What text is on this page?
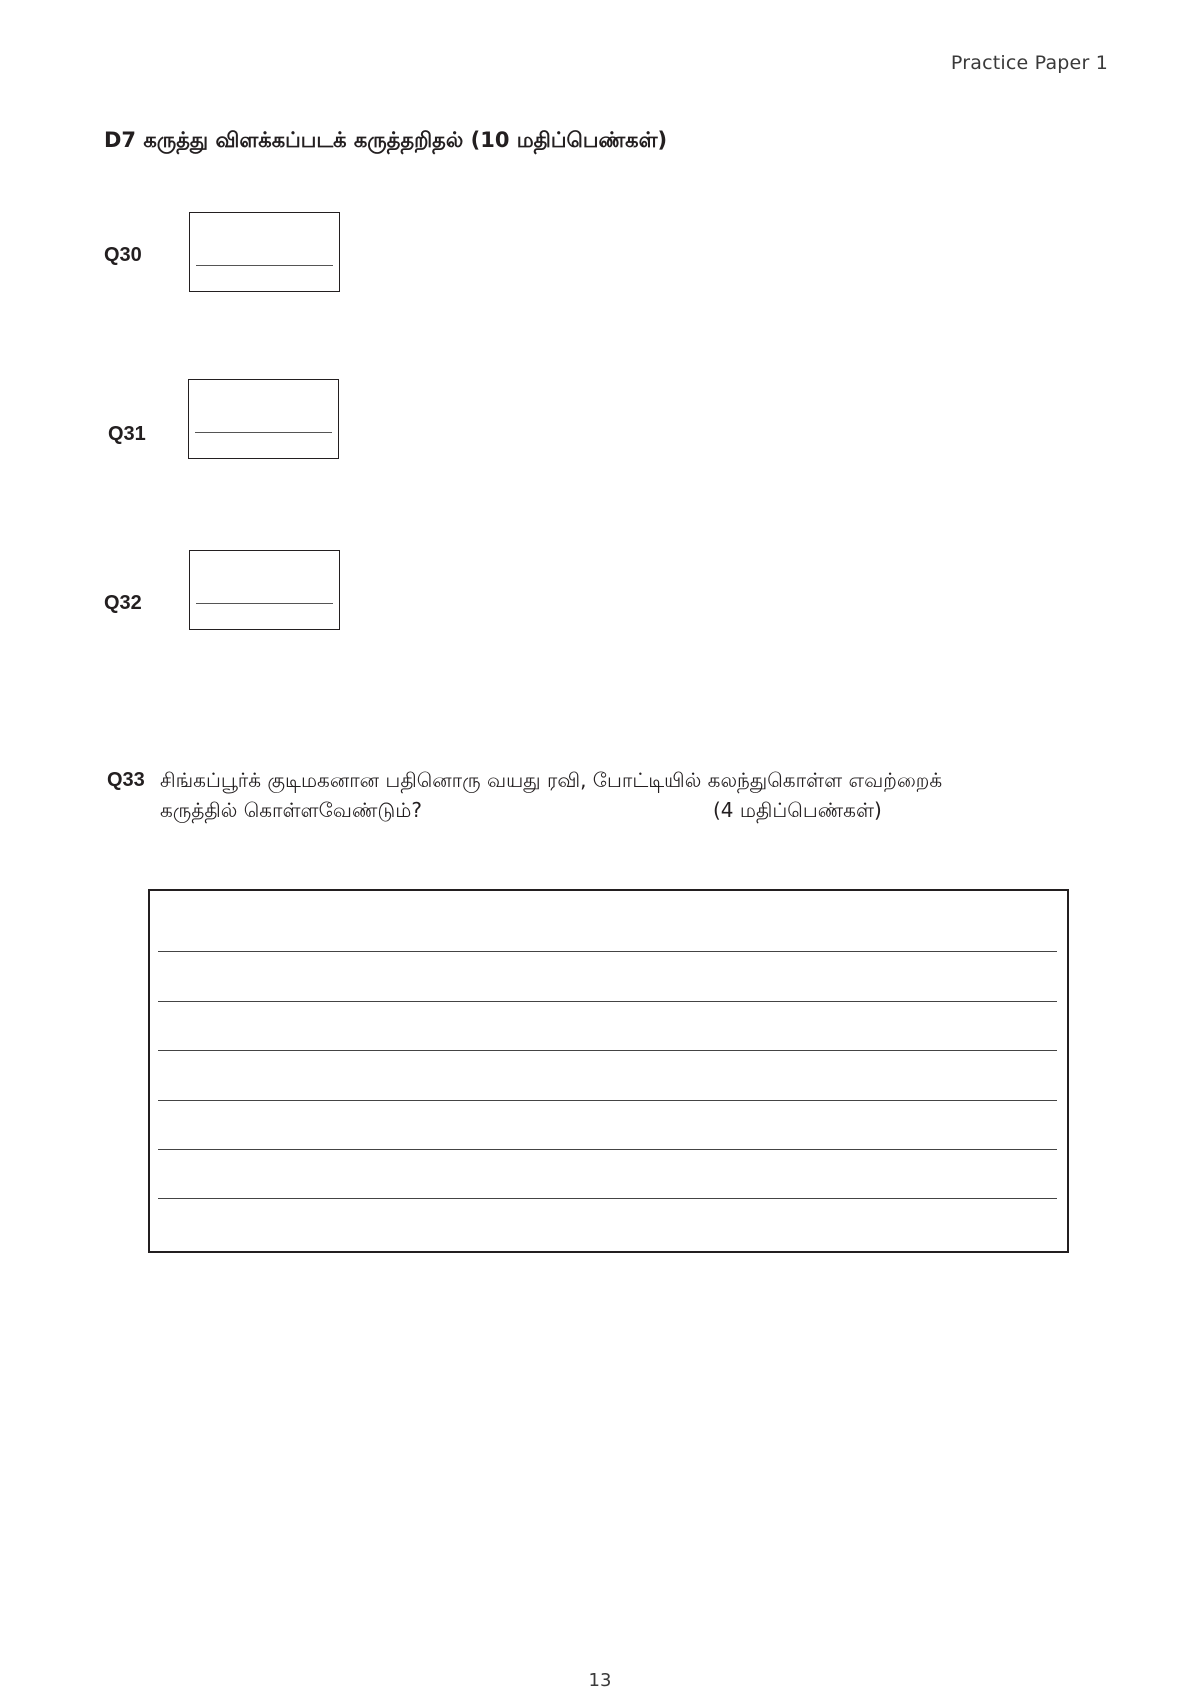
Practice Paper 1
D7 கருத்து விளக்கப்படக் கருத்தறிதல் (10 மதிப்பெண்கள்)
Q30
Q31
Q32
Q33 சிங்கப்பூர்க் குடிமகனான பதினொரு வயது ரவி, போட்டியில் கலந்துகொள்ள எவற்றைக்
கருத்தில் கொள்ளவேண்டும்?	(4 மதிப்பெண்கள்)
13
